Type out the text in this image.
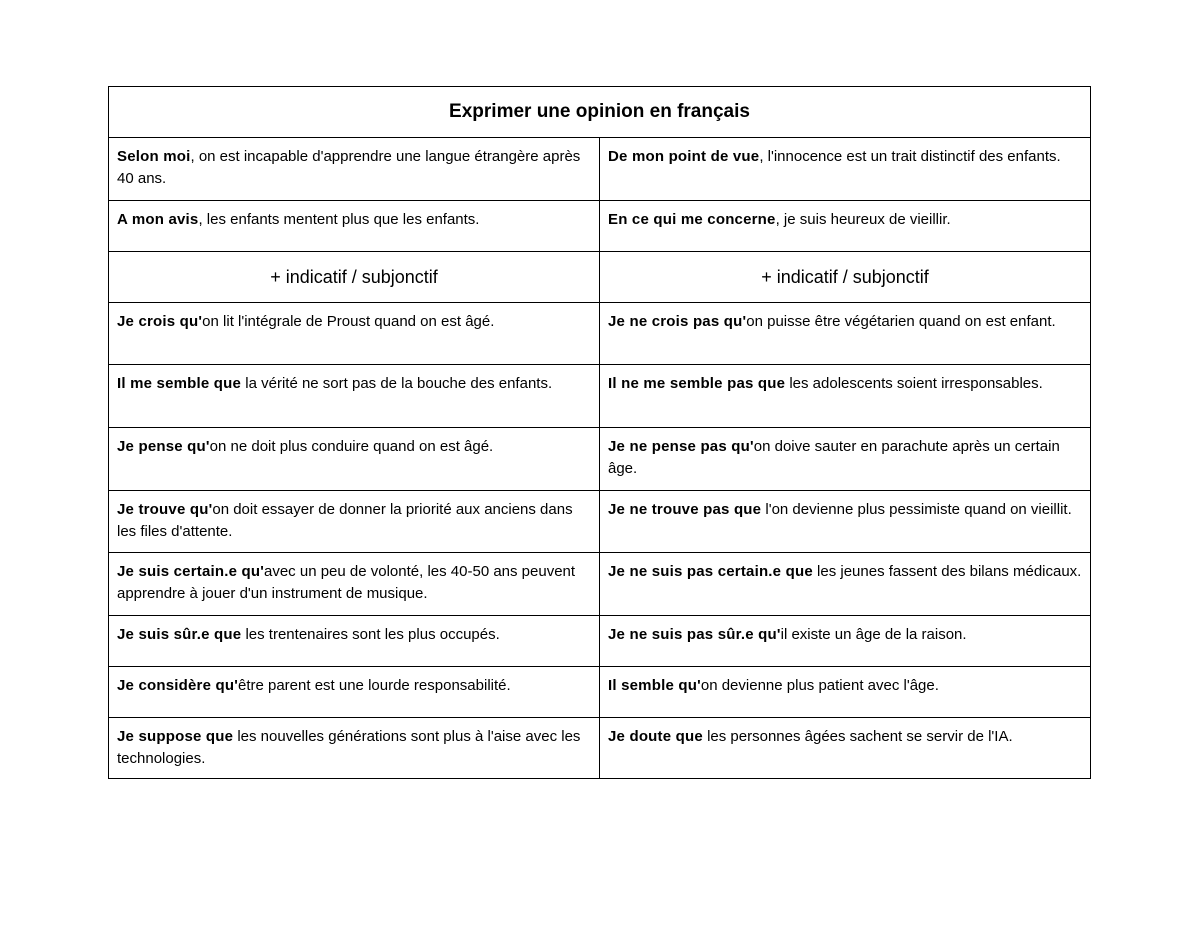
Exprimer une opinion en français	
Selon moi, on est incapable d'apprendre une langue étrangère après 40 ans.	De mon point de vue, l'innocence est un trait distinctif des enfants.
A mon avis, les enfants mentent plus que les enfants.	En ce qui me concerne, je suis heureux de vieillir.
+ indicatif / subjonctif	+ indicatif / subjonctif
Je crois qu'on lit l'intégrale de Proust quand on est âgé.	Je ne crois pas qu'on puisse être végétarien quand on est enfant.
Il me semble que la vérité ne sort pas de la bouche des enfants.	Il ne me semble pas que les adolescents soient irresponsables.
Je pense qu'on ne doit plus conduire quand on est âgé.	Je ne pense pas qu'on doive sauter en parachute après un certain âge.
Je trouve qu'on doit essayer de donner la priorité aux anciens dans les files d'attente.	Je ne trouve pas que l'on devienne plus pessimiste quand on vieillit.
Je suis certain.e qu'avec un peu de volonté, les 40-50 ans peuvent apprendre à jouer d'un instrument de musique.	Je ne suis pas certain.e que les jeunes fassent des bilans médicaux.
Je suis sûr.e que les trentenaires sont les plus occupés.	Je ne suis pas sûr.e qu'il existe un âge de la raison.
Je considère qu'être parent est une lourde responsabilité.	Il semble qu'on devienne plus patient avec l'âge.
Je suppose que les nouvelles générations sont plus à l'aise avec les technologies.	Je doute que les personnes âgées sachent se servir de l'IA.
